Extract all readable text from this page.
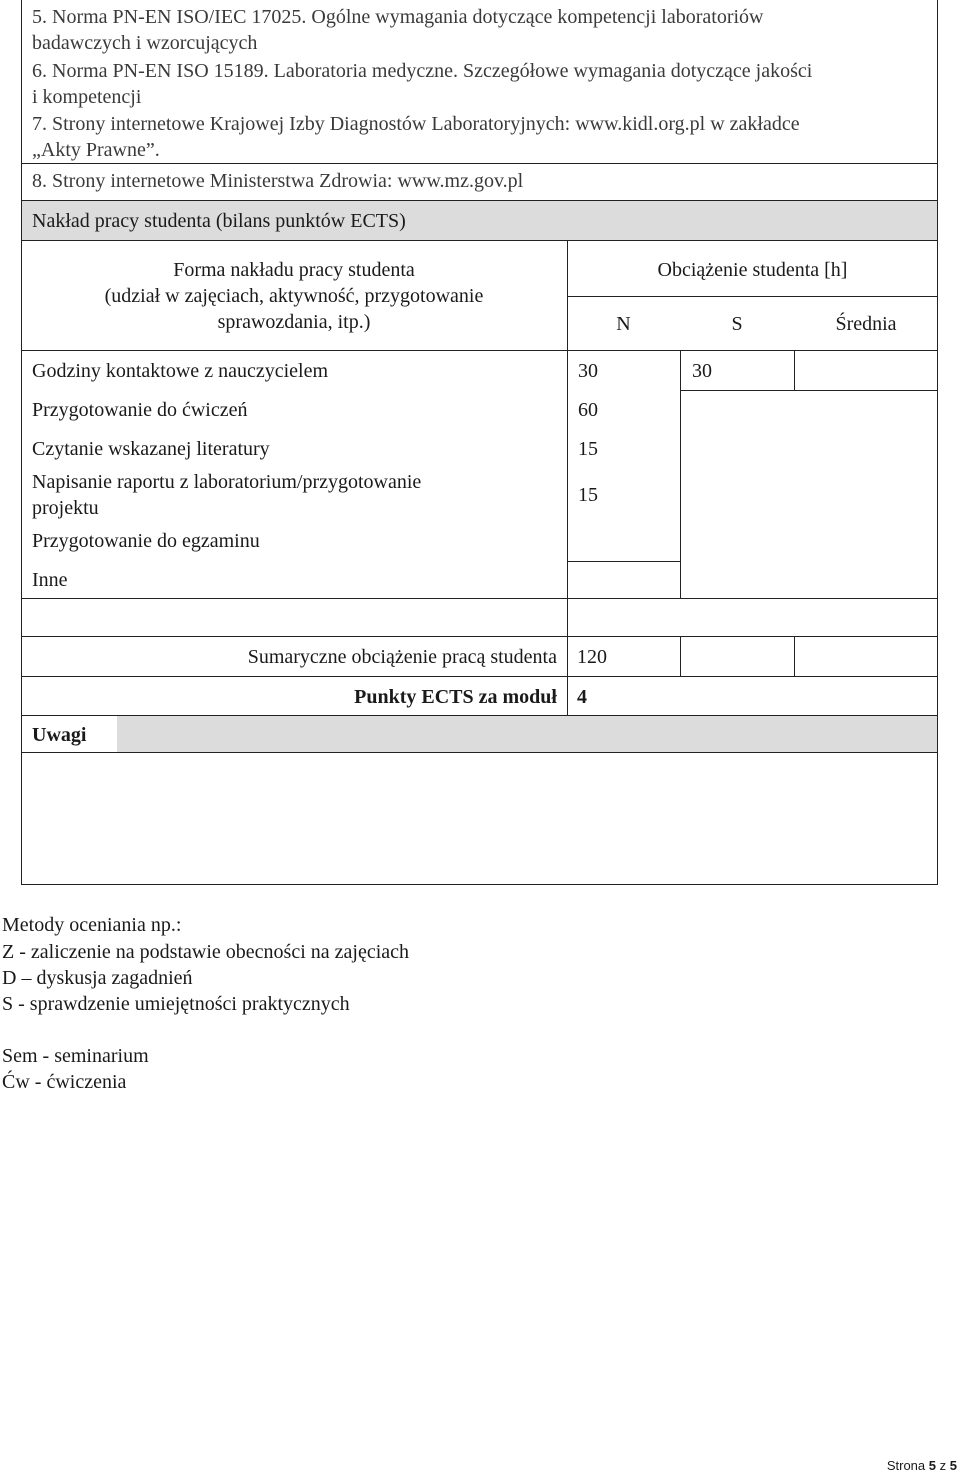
5. Norma PN-EN ISO/IEC 17025. Ogólne wymagania dotyczące kompetencji laboratoriów
badawczych i wzorcujących
6. Norma PN-EN ISO 15189. Laboratoria medyczne. Szczegółowe wymagania dotyczące jakości
i kompetencji
7. Strony internetowe Krajowej Izby Diagnostów Laboratoryjnych: www.kidl.org.pl w zakładce
„Akty Prawne”.
8. Strony internetowe Ministerstwa Zdrowia: www.mz.gov.pl
Nakład pracy studenta (bilans punktów ECTS)
Forma nakładu pracy studenta
(udział w zajęciach, aktywność, przygotowanie
sprawozdania, itp.)
Obciążenie studenta [h]
N	S	Średnia
Godziny kontaktowe z nauczycielem	30	30
Przygotowanie do ćwiczeń	60
Czytanie wskazanej literatury	15
Napisanie raportu z laboratorium/przygotowanie
projektu
15
Przygotowanie do egzaminu
Inne
Sumaryczne obciążenie pracą studenta 120
Punkty ECTS za moduł 4
Uwagi
Metody oceniania np.:
Z - zaliczenie na podstawie obecności na zajęciach
D – dyskusja zagadnień
S - sprawdzenie umiejętności praktycznych
Sem - seminarium
Ćw - ćwiczenia
Strona 5 z 5
